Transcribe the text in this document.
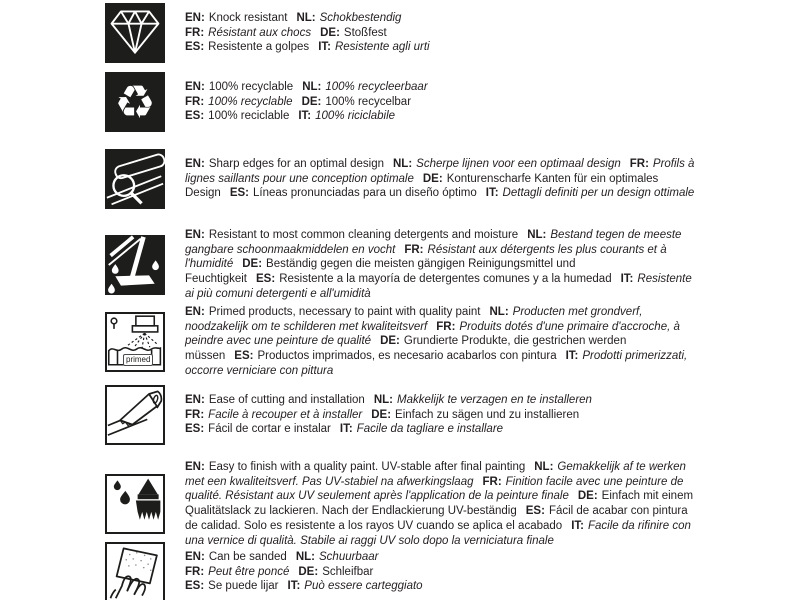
EN: Knock resistant NL: Schokbestendig
FR: Résistant aux chocs DE: Stoßfest
ES: Resistente a golpes IT: Resistente agli urti
♻	EN: 100% recyclable NL: 100% recycleerbaar
FR: 100% recyclable DE: 100% recycelbar
ES: 100% reciclable IT: 100% riciclabile
EN: Sharp edges for an optimal design NL: Scherpe lijnen voor een optimaal design FR: Profils à lignes saillants pour une conception optimale DE: Konturenscharfe Kanten für ein optimales Design ES: Líneas pronunciadas para un diseño óptimo IT: Dettagli definiti per un design ottimale
EN: Resistant to most common cleaning detergents and moisture NL: Bestand tegen de meeste gangbare schoonmaakmiddelen en vocht FR: Résistant aux détergents les plus courants et à l'humidité DE: Beständig gegen die meisten gängigen Reinigungsmittel und Feuchtigkeit ES: Resistente a la mayoría de detergentes comunes y a la humedad IT: Resistente ai più comuni detergenti e all'umidità
primed
EN: Primed products, necessary to paint with quality paint NL: Producten met grondverf, noodzakelijk om te schilderen met kwaliteitsverf FR: Produits dotés d'une primaire d'accroche, à peindre avec une peinture de qualité DE: Grundierte Produkte, die gestrichen werden müssen ES: Productos imprimados, es necesario acabarlos con pintura IT: Prodotti primerizzati, occorre verniciare con pittura
EN: Ease of cutting and installation NL: Makkelijk te verzagen en te installeren
FR: Facile à recouper et à installer DE: Einfach zu sägen und zu installieren
ES: Fácil de cortar e instalar IT: Facile da tagliare e installare
EN: Easy to finish with a quality paint. UV-stable after final painting NL: Gemakkelijk af te werken met een kwaliteitsverf. Pas UV-stabiel na afwerkingslaag FR: Finition facile avec une peinture de qualité. Résistant aux UV seulement après l'application de la peinture finale DE: Einfach mit einem Qualitätslack zu lackieren. Nach der Endlackierung UV-beständig ES: Fácil de acabar con pintura de calidad. Solo es resistente a los rayos UV cuando se aplica el acabado IT: Facile da rifinire con una vernice di qualità. Stabile ai raggi UV solo dopo la verniciatura finale
EN: Can be sanded NL: Schuurbaar
FR: Peut être poncé DE: Schleifbar
ES: Se puede lijar IT: Può essere carteggiato
